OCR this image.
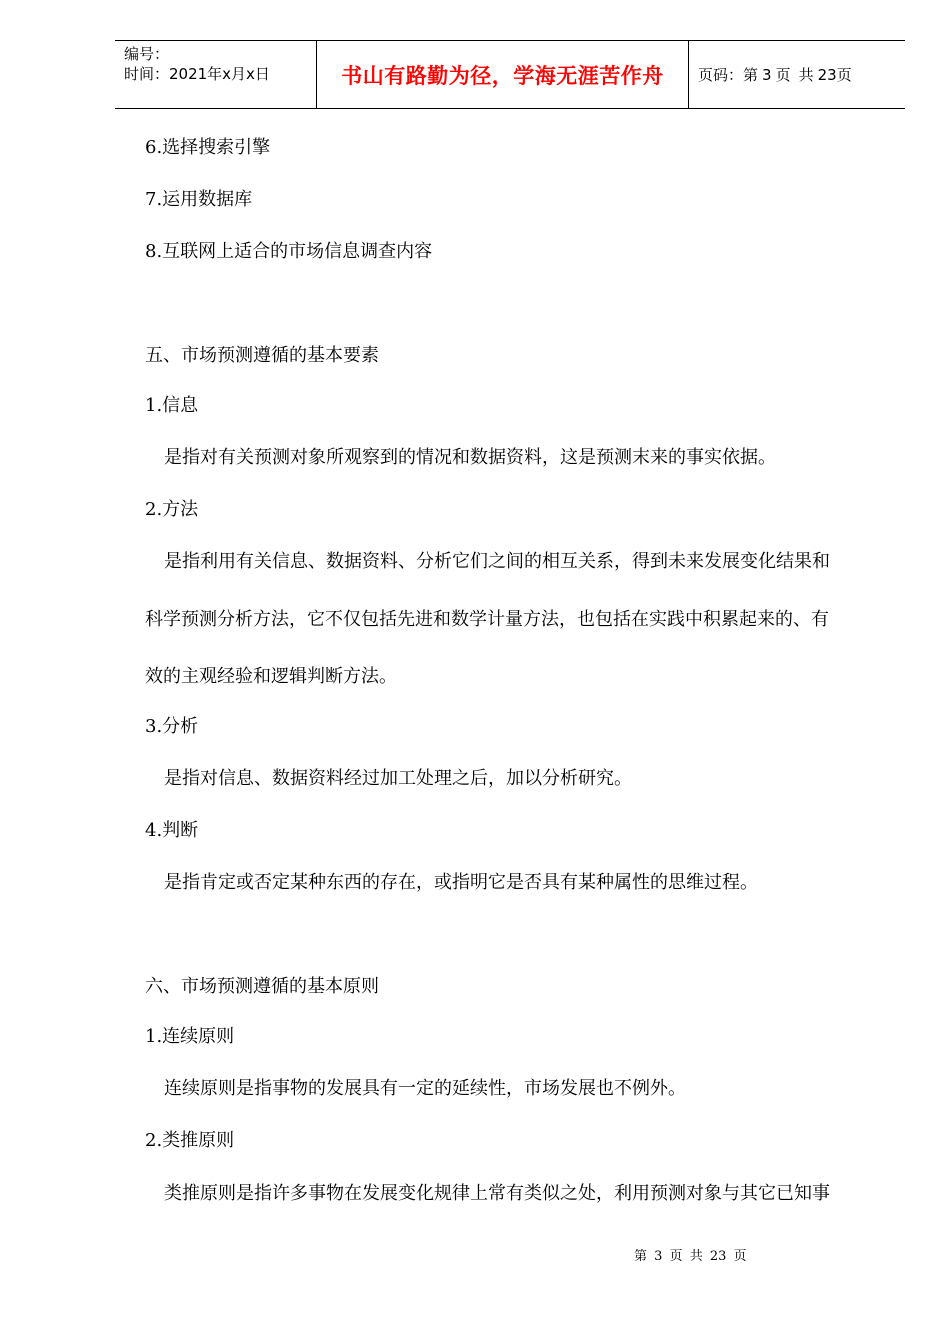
编号：
时间：2021年x月x日	书山有路勤为径，学海无涯苦作舟 页码：第 3 页 共 23 页
6.选择搜索引擎
7.运用数据库
8.互联网上适合的市场信息调查内容
五、市场预测遵循的基本要素
1.信息
是指对有关预测对象所观察到的情况和数据资料，这是预测末来的事实依据。
2.方法
是指利用有关信息、数据资料、分析它们之间的相互关系，得到未来发展变化结果和
科学预测分析方法，它不仅包括先进和数学计量方法，也包括在实践中积累起来的、有
效的主观经验和逻辑判断方法。
3.分析
是指对信息、数据资料经过加工处理之后，加以分析研究。
4.判断
是指肯定或否定某种东西的存在，或指明它是否具有某种属性的思维过程。
六、市场预测遵循的基本原则
1.连续原则
连续原则是指事物的发展具有一定的延续性，市场发展也不例外。
2.类推原则
类推原则是指许多事物在发展变化规律上常有类似之处，利用预测对象与其它已知事
第 3 页 共 23 页
